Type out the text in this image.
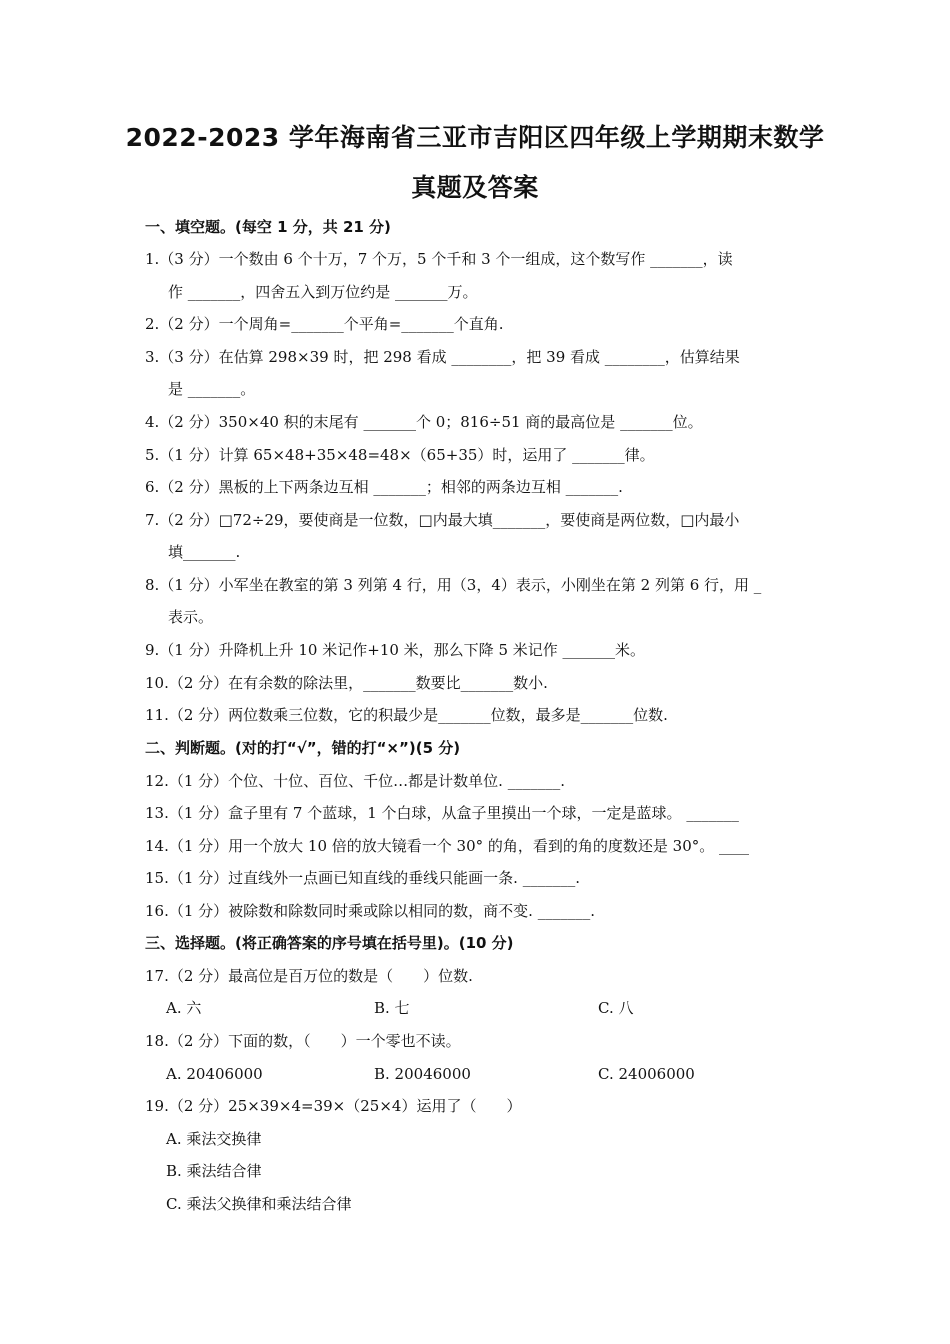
2022-2023 学年海南省三亚市吉阳区四年级上学期期末数学
真题及答案
一、填空题。(每空 1 分，共 21 分)
1.（3 分）一个数由 6 个十万，7 个万，5 个千和 3 个一组成，这个数写作 _______，读
作 _______，四舍五入到万位约是 _______万。
2.（2 分）一个周角=_______个平角=_______个直角.
3.（3 分）在估算 298×39 时，把 298 看成 ________，把 39 看成 ________，估算结果
是 _______。
4.（2 分）350×40 积的末尾有 _______个 0；816÷51 商的最高位是 _______位。
5.（1 分）计算 65×48+35×48=48×（65+35）时，运用了 _______律。
6.（2 分）黑板的上下两条边互相 _______；相邻的两条边互相 _______.
7.（2 分）□72÷29，要使商是一位数，□内最大填_______，要使商是两位数，□内最小
填_______.
8.（1 分）小军坐在教室的第 3 列第 4 行，用（3，4）表示，小刚坐在第 2 列第 6 行，用 _
表示。
9.（1 分）升降机上升 10 米记作+10 米，那么下降 5 米记作 _______米。
10.（2 分）在有余数的除法里，_______数要比_______数小.
11.（2 分）两位数乘三位数，它的积最少是_______位数，最多是_______位数.
二、判断题。(对的打“√”，错的打“×”)(5 分)
12.（1 分）个位、十位、百位、千位…都是计数单位. _______.
13.（1 分）盒子里有 7 个蓝球，1 个白球，从盒子里摸出一个球，一定是蓝球。 _______
14.（1 分）用一个放大 10 倍的放大镜看一个 30° 的角，看到的角的度数还是 30°。 ____
15.（1 分）过直线外一点画已知直线的垂线只能画一条. _______.
16.（1 分）被除数和除数同时乘或除以相同的数，商不变. _______.
三、选择题。(将正确答案的序号填在括号里)。(10 分)
17.（2 分）最高位是百万位的数是（　　）位数.
A. 六	B. 七	C. 八
18.（2 分）下面的数，（　　）一个零也不读。
A. 20406000	B. 20046000	C. 24006000
19.（2 分）25×39×4=39×（25×4）运用了（　　）
A. 乘法交换律
B. 乘法结合律
C. 乘法父换律和乘法结合律
